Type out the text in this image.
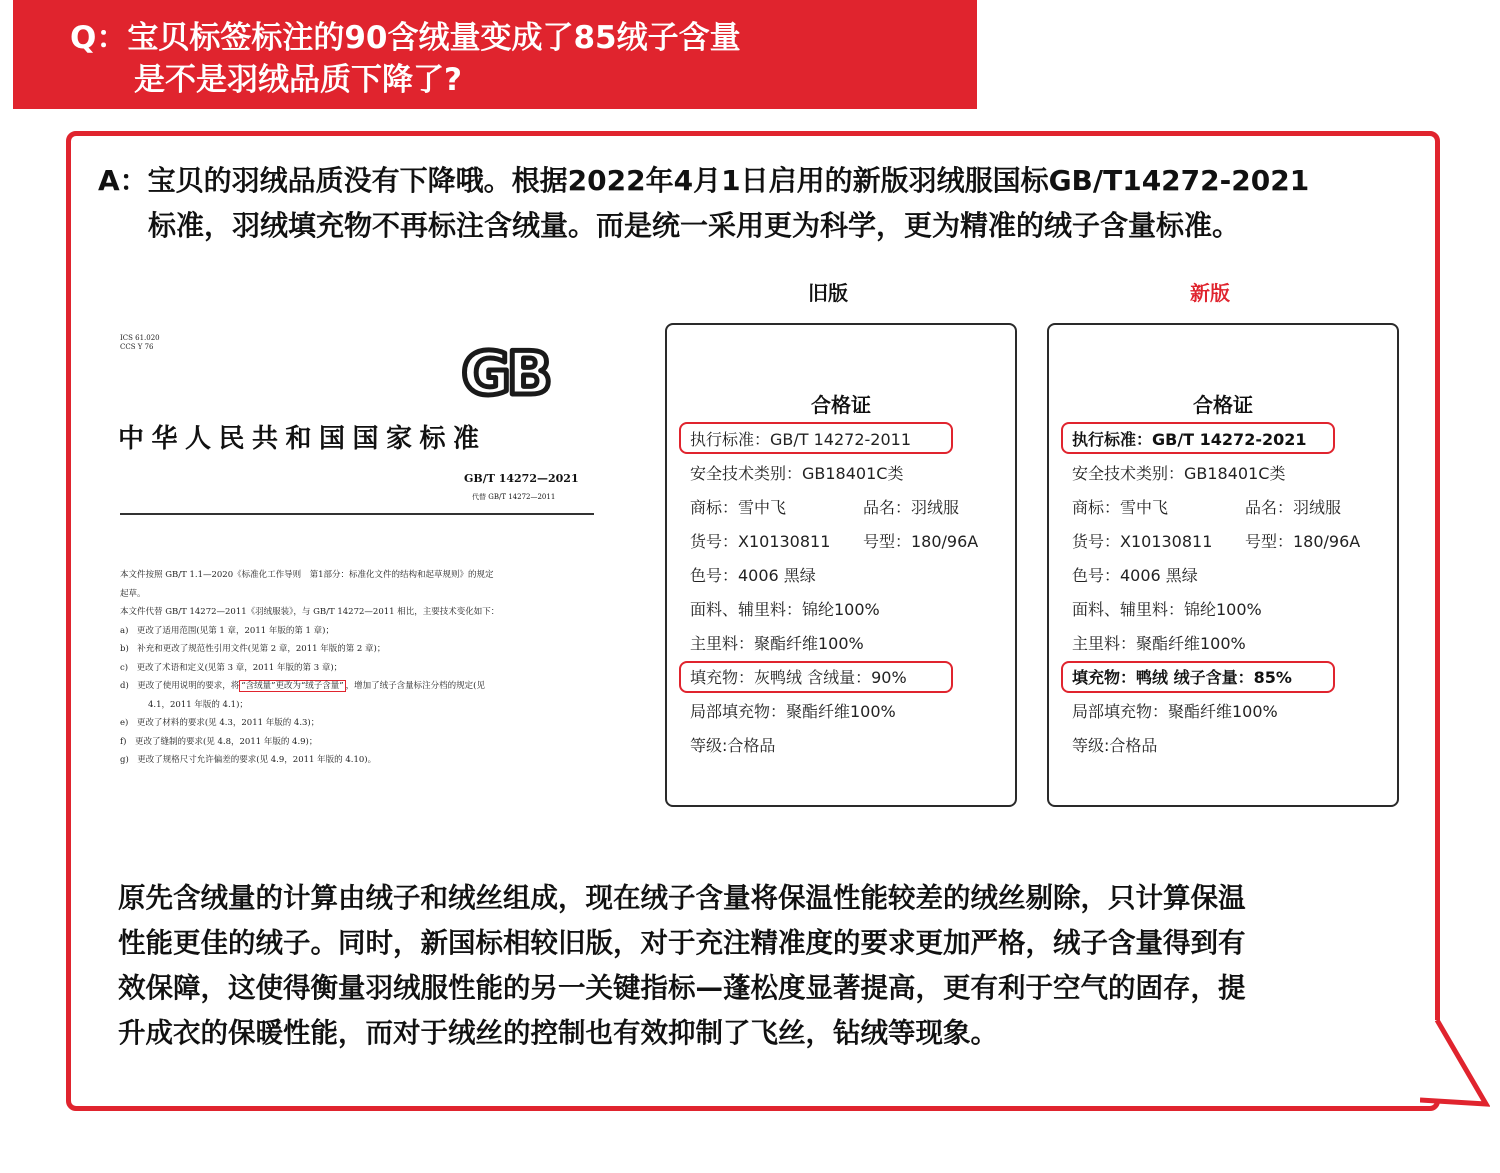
Q：宝贝标签标注的90含绒量变成了85绒子含量
是不是羽绒品质下降了?
A：宝贝的羽绒品质没有下降哦。根据2022年4月1日启用的新版羽绒服国标GB/T14272-2021
标准，羽绒填充物不再标注含绒量。而是统一采用更为科学，更为精准的绒子含量标准。
ICS 61.020
CCS Y 76	GB
中华人民共和国国家标准
GB/T 14272—2021
代替 GB/T 14272—2011
本文件按照 GB/T 1.1—2020《标准化工作导则　第1部分：标准化文件的结构和起草规则》的规定
起草。
本文件代替 GB/T 14272—2011《羽绒服装》，与 GB/T 14272—2011 相比，主要技术变化如下：
a)　更改了适用范围(见第 1 章，2011 年版的第 1 章)；
b)　补充和更改了规范性引用文件(见第 2 章，2011 年版的第 2 章)；
c)　更改了术语和定义(见第 3 章，2011 年版的第 3 章)；
d)　更改了使用说明的要求，将 “含绒量”更改为“绒子含量” ，增加了绒子含量标注分档的规定(见
4.1，2011 年版的 4.1)；
e)　更改了材料的要求(见 4.3，2011 年版的 4.3)；
f)　更改了缝制的要求(见 4.8，2011 年版的 4.9)；
g)　更改了规格尺寸允许偏差的要求(见 4.9，2011 年版的 4.10)。
旧版	新版
合格证
执行标准：GB/T 14272-2011
安全技术类别：GB18401C类
商标：雪中飞	品名：羽绒服
货号：X10130811 号型：180/96A
色号：4006 黑绿
面料、辅里料：锦纶100%
主里料：聚酯纤维100%
填充物：灰鸭绒 含绒量：90%
局部填充物：聚酯纤维100%
等级:合格品
合格证
执行标准：GB/T 14272-2021
安全技术类别：GB18401C类
商标：雪中飞	品名：羽绒服
货号：X10130811 号型：180/96A
色号：4006 黑绿
面料、辅里料：锦纶100%
主里料：聚酯纤维100%
填充物：鸭绒 绒子含量：85%
局部填充物：聚酯纤维100%
等级:合格品
原先含绒量的计算由绒子和绒丝组成，现在绒子含量将保温性能较差的绒丝剔除，只计算保温
性能更佳的绒子。同时，新国标相较旧版，对于充注精准度的要求更加严格，绒子含量得到有
效保障，这使得衡量羽绒服性能的另一关键指标—蓬松度显著提高，更有利于空气的固存，提
升成衣的保暖性能，而对于绒丝的控制也有效抑制了飞丝，钻绒等现象。
